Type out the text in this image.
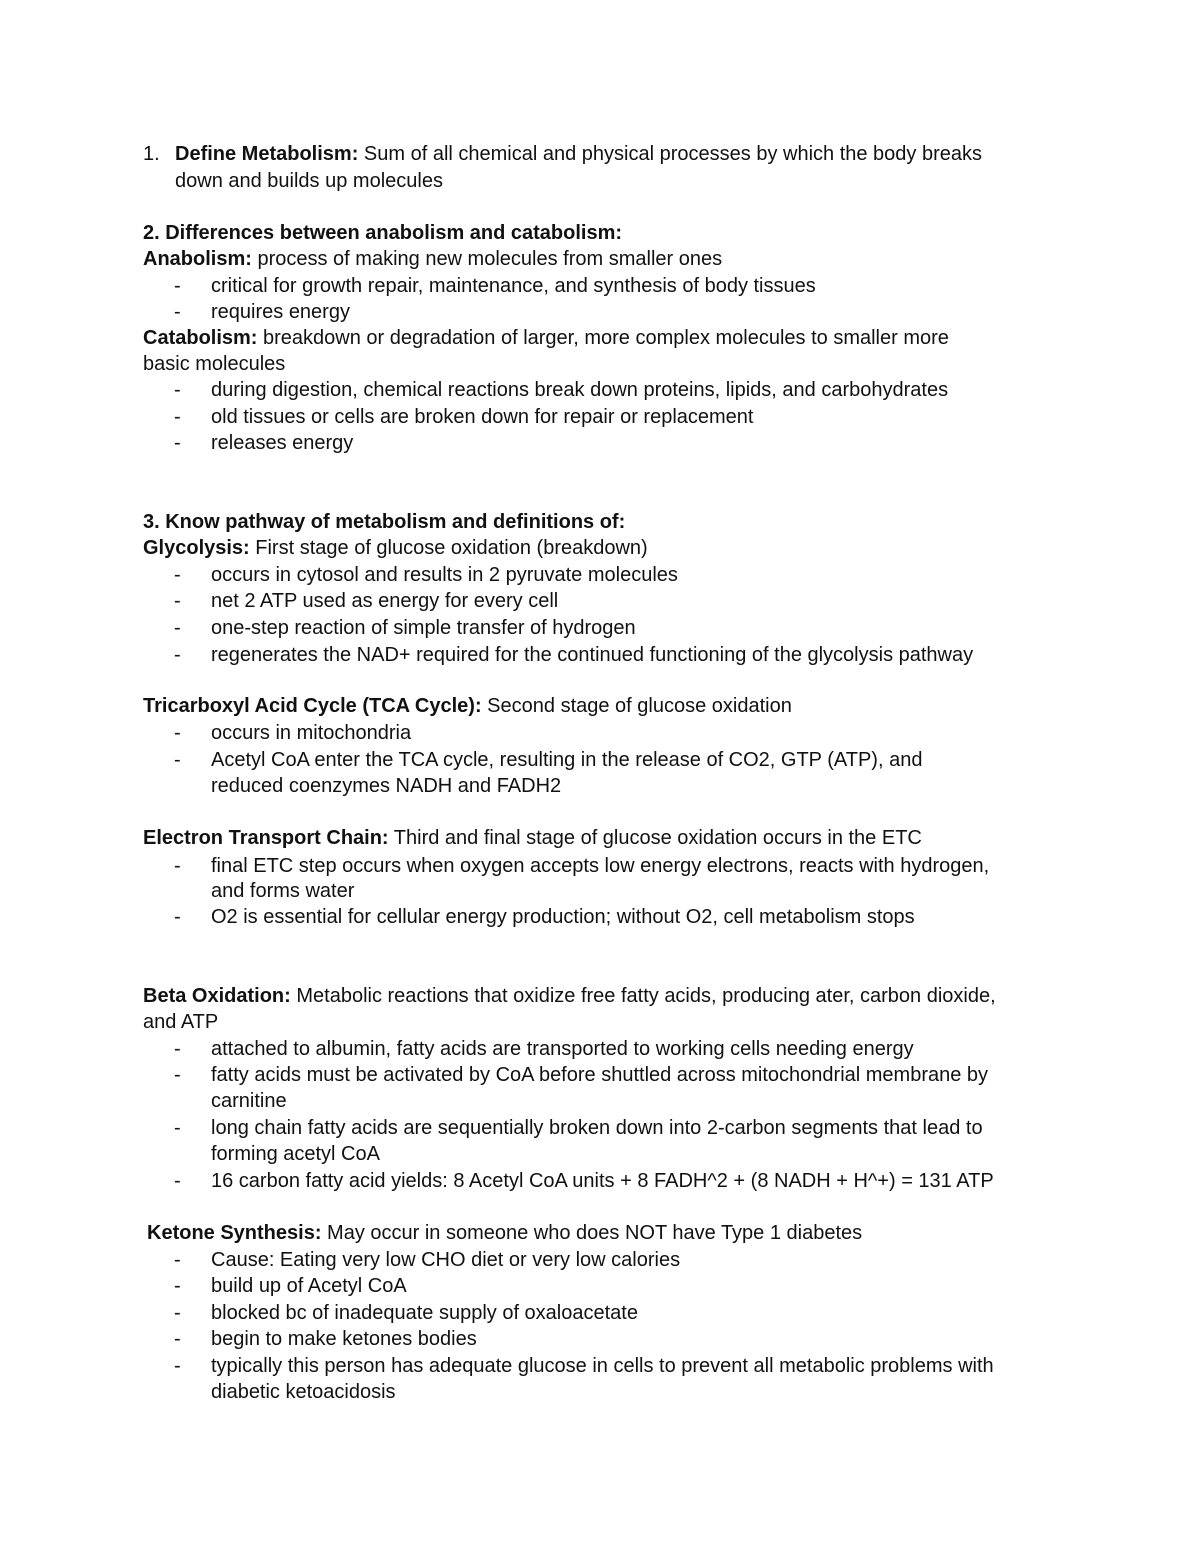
1. Define Metabolism: Sum of all chemical and physical processes by which the body breaks
down and builds up molecules
2. Differences between anabolism and catabolism:
Anabolism: process of making new molecules from smaller ones
- critical for growth repair, maintenance, and synthesis of body tissues
- requires energy
Catabolism: breakdown or degradation of larger, more complex molecules to smaller more
basic molecules
- during digestion, chemical reactions break down proteins, lipids, and carbohydrates
- old tissues or cells are broken down for repair or replacement
- releases energy
3. Know pathway of metabolism and definitions of:
Glycolysis: First stage of glucose oxidation (breakdown)
- occurs in cytosol and results in 2 pyruvate molecules
- net 2 ATP used as energy for every cell
- one-step reaction of simple transfer of hydrogen
- regenerates the NAD+ required for the continued functioning of the glycolysis pathway
Tricarboxyl Acid Cycle (TCA Cycle): Second stage of glucose oxidation
- occurs in mitochondria
- Acetyl CoA enter the TCA cycle, resulting in the release of CO2, GTP (ATP), and
reduced coenzymes NADH and FADH2
Electron Transport Chain: Third and final stage of glucose oxidation occurs in the ETC
- final ETC step occurs when oxygen accepts low energy electrons, reacts with hydrogen,
and forms water
- O2 is essential for cellular energy production; without O2, cell metabolism stops
Beta Oxidation: Metabolic reactions that oxidize free fatty acids, producing ater, carbon dioxide,
and ATP
- attached to albumin, fatty acids are transported to working cells needing energy
- fatty acids must be activated by CoA before shuttled across mitochondrial membrane by
carnitine
- long chain fatty acids are sequentially broken down into 2-carbon segments that lead to
forming acetyl CoA
- 16 carbon fatty acid yields: 8 Acetyl CoA units + 8 FADH^2 + (8 NADH + H^+) = 131 ATP
Ketone Synthesis: May occur in someone who does NOT have Type 1 diabetes
- Cause: Eating very low CHO diet or very low calories
- build up of Acetyl CoA
- blocked bc of inadequate supply of oxaloacetate
- begin to make ketones bodies
- typically this person has adequate glucose in cells to prevent all metabolic problems with
diabetic ketoacidosis
